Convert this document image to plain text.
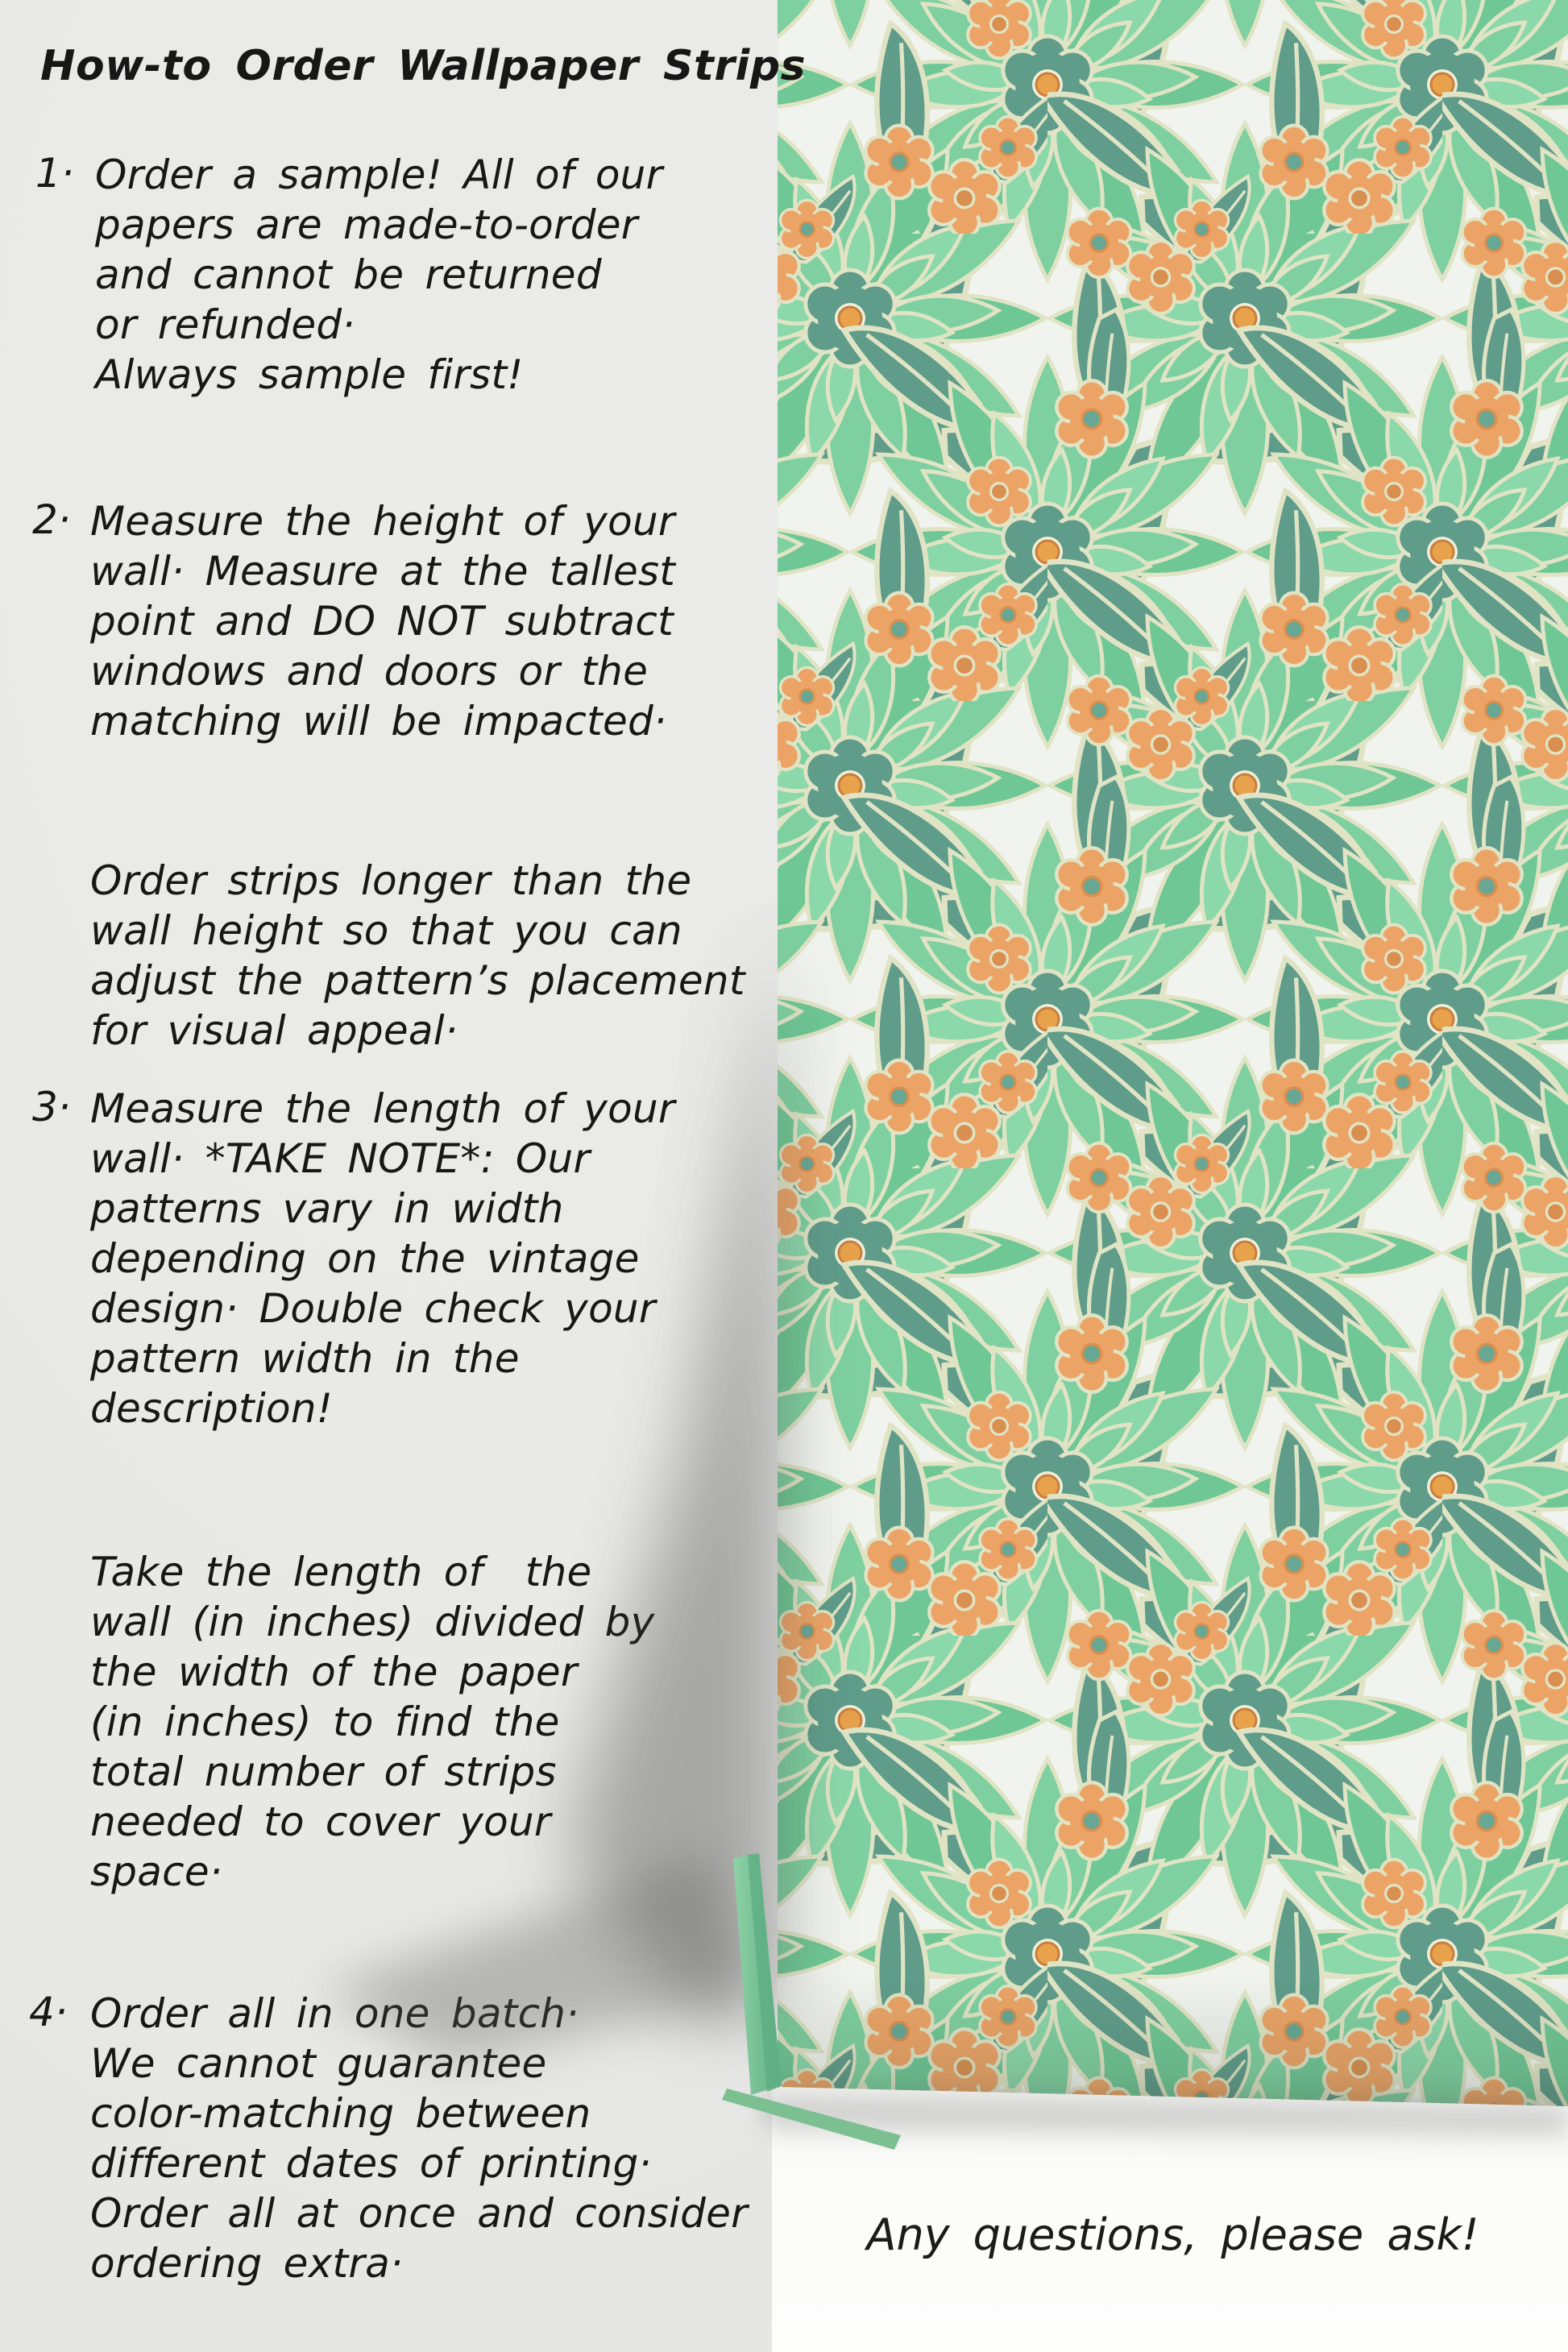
How-to Order Wallpaper Strips
1· Order a sample! All of our
papers are made-to-order
and cannot be returned
or refunded·
Always sample first!
2· Measure the height of your
wall· Measure at the tallest
point and DO NOT subtract
windows and doors or the
matching will be impacted·
Order strips longer than the
wall height so that you can
adjust the pattern’s placement
for visual appeal·
3· Measure the length of your
wall· *TAKE NOTE*: Our
patterns vary in width
depending on the vintage
design· Double check your
pattern width in the
description!
Take the length of  the
wall (in inches) divided by
the width of the paper
(in inches) to find the
total number of strips
needed to cover your
space·
4· Order all in one batch·
We cannot guarantee
color-matching between
different dates of printing·
Order all at once and consider
ordering extra·
Any questions, please ask!
